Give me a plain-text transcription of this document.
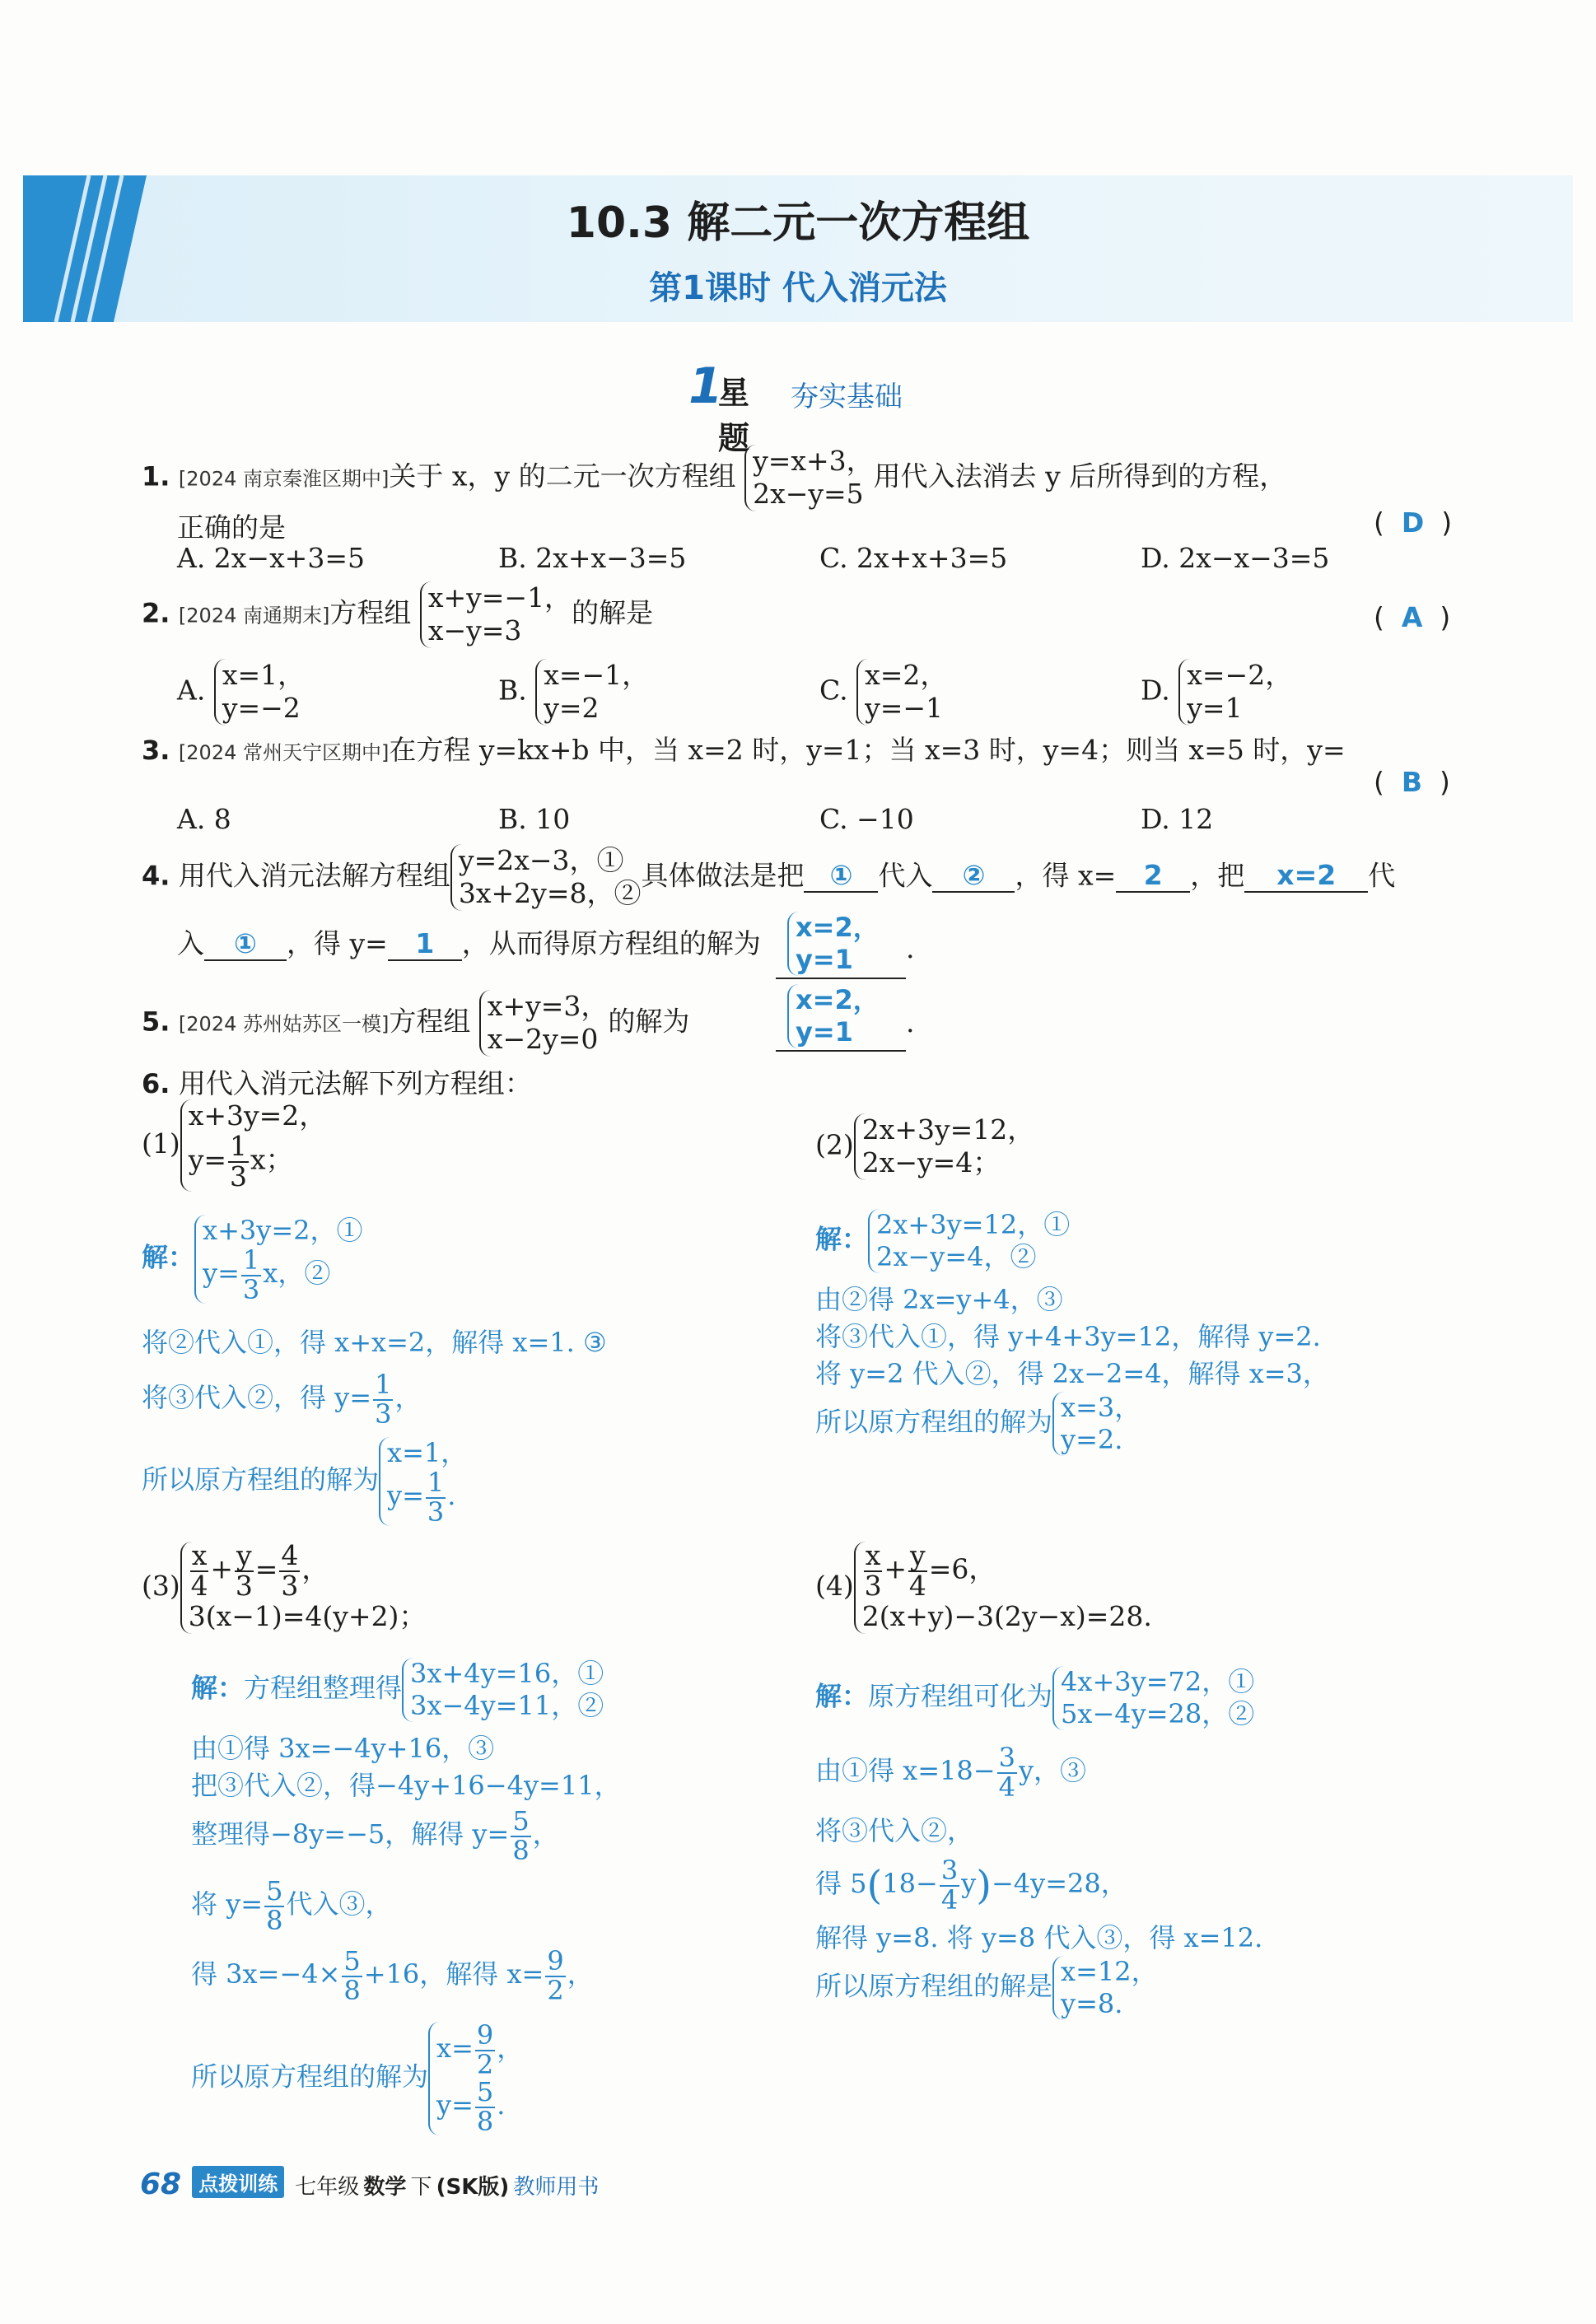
10.3 解二元一次方程组
第1课时 代入消元法
1
星题
夯实基础
1. [2024 南京秦淮区期中]关于 x，y 的二元一次方程组 y=x+3，
2x−y=5
用代入法消去 y 后所得到的方程，
正确的是	(  D  )
A. 2x−x+3=5	B. 2x+x−3=5	C. 2x+x+3=5	D. 2x−x−3=5
2. [2024 南通期末]方程组 x+y=−1，
x−y=3
的解是	(  A  )
A. x=1，
y=−2
B. x=−1，
y=2
C. x=2，
y=−1
D. x=−2，
y=1
3. [2024 常州天宁区期中]在方程 y=kx+b 中，当 x=2 时，y=1；当 x=3 时，y=4；则当 x=5 时，y=
(  B  )
A. 8	B. 10	C. −10	D. 12
4. 用代入消元法解方程组 y=2x−3，①
3x+2y=8，②
具体做法是把 ① 代入 ② ，得 x= 2 ，把 x=2 代
入 ① ，得 y= 1 ，从而得原方程组的解为 x=2，
y=1	.
5. [2024 苏州姑苏区一模]方程组 x+y=3，
x−2y=0
的解为
x=2，
y=1	.
6. 用代入消元法解下列方程组：
(1)
x+3y=2，
$y= \frac{1}{3}$ x；
解：
x+3y=2，①
$y= \frac{1}{3}$ x，②
将②代入①，得 x+x=2，解得 x=1. ③
将③代入②，得 $y= \frac{1}{3}$ ，
所以原方程组的解为
x=1，
$y= \frac{1}{3}$ .
(2) 2x+3y=12，
2x−y=4；
解： 2x+3y=12，①
2x−y=4，②
由②得 2x=y+4，③
将③代入①，得 y+4+3y=12，解得 y=2.
将 y=2 代入②，得 2x−2=4，解得 x=3，
所以原方程组的解为 x=3，
y=2.
$(3) \frac{x}{4} + \frac{y}{3} = \frac{4}{3}$ ，
3(x−1)=4(y+2)；
解：方程组整理得 3x+4y=16，①
3x−4y=11，②
由①得 3x=−4y+16，③
把③代入②，得−4y+16−4y=11，
整理得−8y=−5，解得 $y= \frac{5}{8}$ ，
将 $y= \frac{5}{8}$ 代入③，
得 $3x=-4\times \frac{5}{8} +16$，解得 $x= \frac{9}{2}$ ，
所以原方程组的解为
$x= \frac{9}{2}$ ，
$y= \frac{5}{8}$ .
$(4) \frac{x}{3} + \frac{y}{4} =6$，
2(x+y)−3(2y−x)=28.
解：原方程组可化为 4x+3y=72，①
5x−4y=28，②
由①得 $x=18- \frac{3}{4}$ y，③
将③代入②，
得 $5(18- \frac{3}{4} y)-4y=28$，
解得 y=8. 将 y=8 代入③，得 x=12.
所以原方程组的解是 x=12，
y=8.
68 点拨训练 七年级 数学 下 (SK版) 教师用书
